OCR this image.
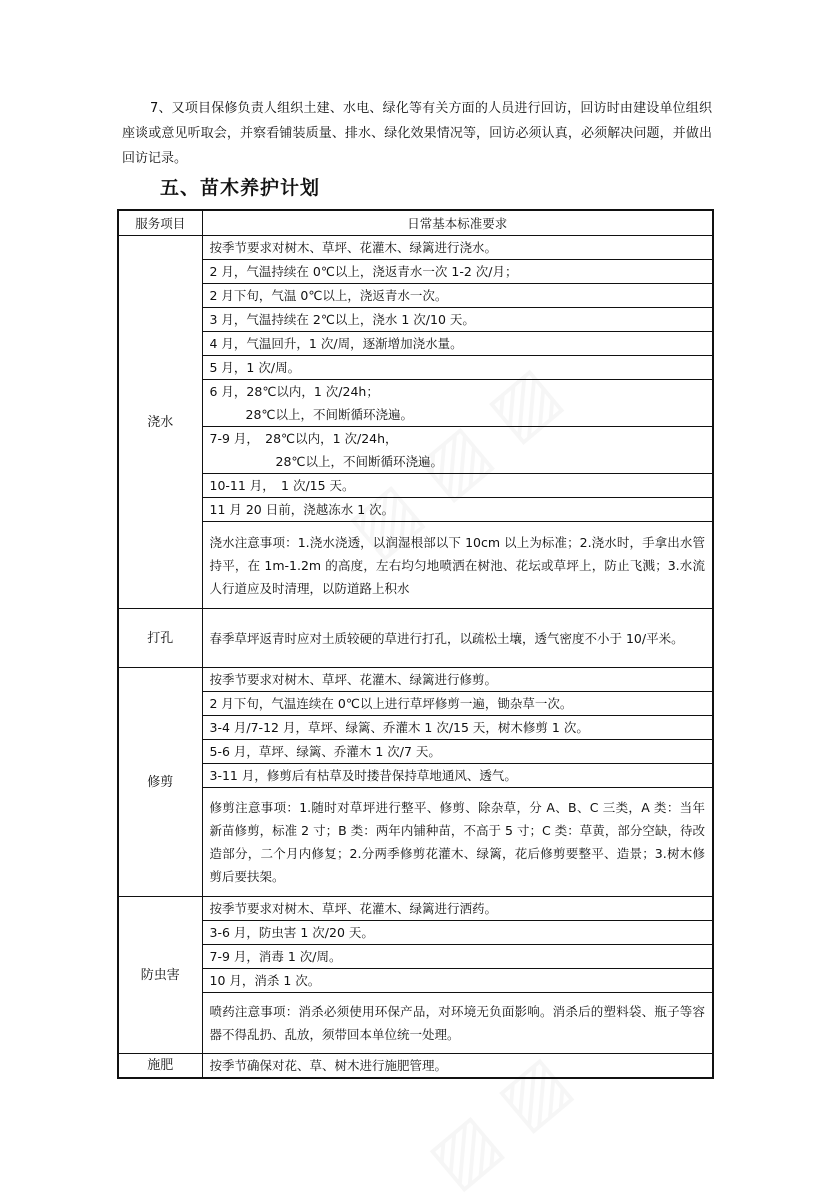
7、又项目保修负责人组织土建、水电、绿化等有关方面的人员进行回访，回访时由建设单位组织座谈或意见听取会，并察看铺装质量、排水、绿化效果情况等，回访必须认真，必须解决问题，并做出回访记录。

五、苗木养护计划
服务项目	日常基本标准要求
浇水	按季节要求对树木、草坪、花灌木、绿篱进行浇水。
	2 月，气温持续在 0℃以上，浇返青水一次 1-2 次/月；
	2 月下旬，气温 0℃以上，浇返青水一次。
	3 月，气温持续在 2℃以上，浇水 1 次/10 天。
	4 月，气温回升，1 次/周，逐渐增加浇水量。
	5 月，1 次/周。

	6 月，28℃以内，1 次/24h；
28℃以上，不间断循环浇遍。

	7-9 月，　28℃以内，1 次/24h，
28℃以上，不间断循环浇遍。

	10-11 月，　1 次/15 天。
	11 月 20 日前，浇越冻水 1 次。
	浇水注意事项：1.浇水浇透，以润湿根部以下 10cm 以上为标准；2.浇水时，手拿出水管持平，在 1m-1.2m 的高度，左右均匀地喷洒在树池、花坛或草坪上，防止飞溅；3.水流人行道应及时清理，以防道路上积水
打孔	春季草坪返青时应对土质较硬的草进行打孔，以疏松土壤，透气密度不小于 10/平米。
修剪	按季节要求对树木、草坪、花灌木、绿篱进行修剪。
	2 月下旬，气温连续在 0℃以上进行草坪修剪一遍，锄杂草一次。
	3-4 月/7-12 月，草坪、绿篱、乔灌木 1 次/15 天，树木修剪 1 次。
	5-6 月，草坪、绿篱、乔灌木 1 次/7 天。
	3-11 月，修剪后有枯草及时搂昔保持草地通风、透气。
	修剪注意事项：1.随时对草坪进行整平、修剪、除杂草，分 A、B、C 三类，A 类：当年新苗修剪，标准 2 寸；B 类：两年内铺种苗，不高于 5 寸；C 类：草黄，部分空缺，待改造部分，二个月内修复；2.分两季修剪花灌木、绿篱，花后修剪要整平、造景；3.树木修剪后要扶架。
防虫害	按季节要求对树木、草坪、花灌木、绿篱进行洒药。
	3-6 月，防虫害 1 次/20 天。
	7-9 月，消毒 1 次/周。
	10 月，消杀 1 次。
	喷药注意事项：消杀必须使用环保产品，对环境无负面影响。消杀后的塑料袋、瓶子等容器不得乱扔、乱放，须带回本单位统一处理。
施肥	按季节确保对花、草、树木进行施肥管理。
